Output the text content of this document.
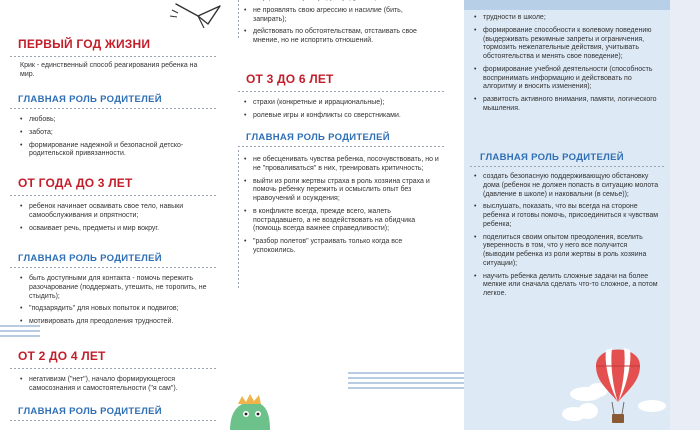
ПЕРВЫЙ ГОД ЖИЗНИ
Крик - единственный способ реагирования ребенка на мир.
ГЛАВНАЯ РОЛЬ РОДИТЕЛЕЙ
• любовь;
• забота;
• формирование надежной и безопасной детско-родительской привязанности.
ОТ ГОДА ДО 3 ЛЕТ
• ребенок начинает осваивать свое тело, навыки самообслуживания и опрятности;
• осваивает речь, предметы и мир вокруг.
ГЛАВНАЯ РОЛЬ РОДИТЕЛЕЙ
• быть доступными для контакта - помочь пережить разочарование (поддержать, утешить, не торопить, не стыдить);
• "подзарядить" для новых попыток и подвигов;
• мотивировать для преодоления трудностей.
ОТ 2 ДО 4 ЛЕТ
• негативизм ("нет"), начало формирующегося самосознания и самостоятельности ("я сам").
ГЛАВНАЯ РОЛЬ РОДИТЕЛЕЙ
•
• не проявлять свою агрессию и насилие (бить, запирать);
• действовать по обстоятельствам, отстаивать свое мнение, но не испортить отношений.
ОТ 3 ДО 6 ЛЕТ
• страхи (конкретные и иррациональные);
• ролевые игры и конфликты со сверстниками.
ГЛАВНАЯ РОЛЬ РОДИТЕЛЕЙ
• не обесценивать чувства ребенка, посочувствовать, но и не "проваливаться" в них, тренировать критичность;
• выйти из роли жертвы страха в роль хозяина страха и помочь ребенку пережить и осмыслить опыт без нравоучений и осуждения;
• в конфликте всегда, прежде всего, жалеть пострадавшего, а не воздействовать на обидчика (помощь всегда важнее справедливости);
• "разбор полетов" устраивать только когда все успокоились.
• трудности в школе;
• формирование способности к волевому поведению (выдерживать режимные запреты и ограничения, тормозить нежелательные действия, учитывать обстоятельства и менять свое поведение);
• формирование учебной деятельности (способность воспринимать информацию и действовать по алгоритму и вносить изменения);
• развитость активного внимания, памяти, логического мышления.
ГЛАВНАЯ РОЛЬ РОДИТЕЛЕЙ
• создать безопасную поддерживающую обстановку дома (ребенок не должен попасть в ситуацию молота (давление в школе) и наковальни (в семье));
• выслушать, показать, что вы всегда на стороне ребенка и готовы помочь, присоединиться к чувствам ребенка;
• поделиться своим опытом преодоления, вселить уверенность в том, что у него все получится (выводим ребенка из роли жертвы в роль хозяина ситуации);
• научить ребенка делить сложные задачи на более мелкие или сначала сделать что-то сложное, а потом легкое.
